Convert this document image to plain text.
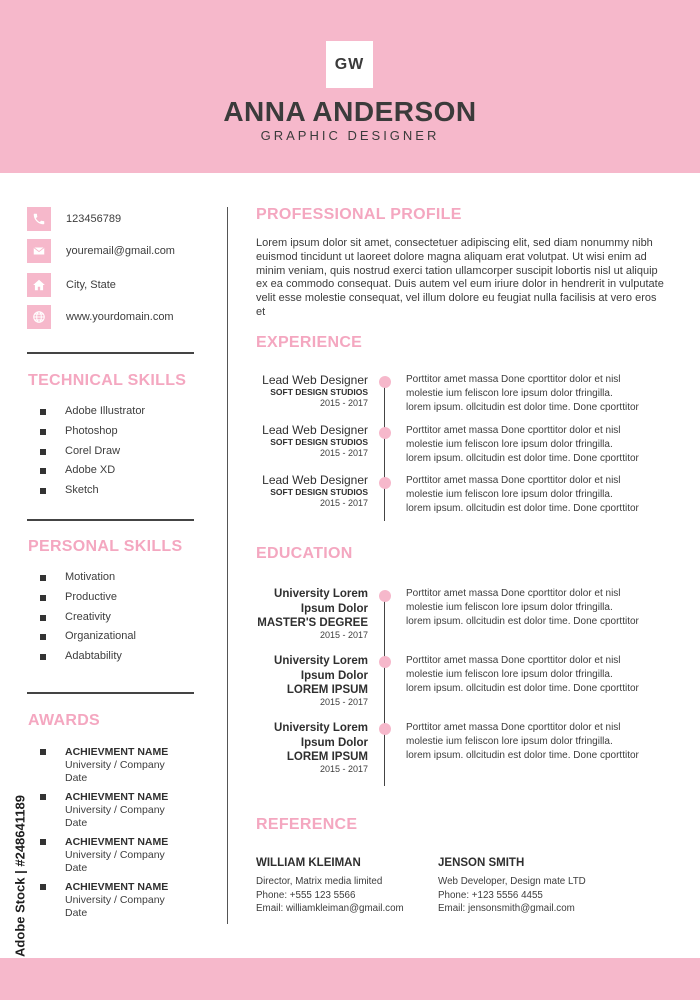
GW
ANNA ANDERSON
GRAPHIC DESIGNER
123456789
youremail@gmail.com
City, State
www.yourdomain.com
TECHNICAL SKILLS
Adobe Illustrator
Photoshop
Corel Draw
Adobe XD
Sketch
PERSONAL SKILLS
Motivation
Productive
Creativity
Organizational
Adabtability
AWARDS
ACHIEVMENT NAME
University / Company
Date
ACHIEVMENT NAME
University / Company
Date
ACHIEVMENT NAME
University / Company
Date
ACHIEVMENT NAME
University / Company
Date
PROFESSIONAL PROFILE
Lorem ipsum dolor sit amet, consectetuer adipiscing elit, sed diam nonummy nibh euismod tincidunt ut laoreet dolore magna aliquam erat volutpat. Ut wisi enim ad minim veniam, quis nostrud exerci tation ullamcorper suscipit lobortis nisl ut aliquip ex ea commodo consequat. Duis autem vel eum iriure dolor in hendrerit in vulputate velit esse molestie consequat, vel illum dolore eu feugiat nulla facilisis at vero eros et
EXPERIENCE
Lead Web Designer
SOFT DESIGN STUDIOS
2015 - 2017
Porttitor amet massa Done cporttitor dolor et nisl
molestie ium feliscon lore ipsum dolor tfringilla.
lorem ipsum. ollcitudin est dolor time. Done cporttitor
Lead Web Designer
SOFT DESIGN STUDIOS
2015 - 2017
Porttitor amet massa Done cporttitor dolor et nisl
molestie ium feliscon lore ipsum dolor tfringilla.
lorem ipsum. ollcitudin est dolor time. Done cporttitor
Lead Web Designer
SOFT DESIGN STUDIOS
2015 - 2017
Porttitor amet massa Done cporttitor dolor et nisl
molestie ium feliscon lore ipsum dolor tfringilla.
lorem ipsum. ollcitudin est dolor time. Done cporttitor
EDUCATION
University Lorem
Ipsum Dolor
MASTER'S DEGREE
2015 - 2017
Porttitor amet massa Done cporttitor dolor et nisl
molestie ium feliscon lore ipsum dolor tfringilla.
lorem ipsum. ollcitudin est dolor time. Done cporttitor
University Lorem
Ipsum Dolor
LOREM IPSUM
2015 - 2017
Porttitor amet massa Done cporttitor dolor et nisl
molestie ium feliscon lore ipsum dolor tfringilla.
lorem ipsum. ollcitudin est dolor time. Done cporttitor
University Lorem
Ipsum Dolor
LOREM IPSUM
2015 - 2017
Porttitor amet massa Done cporttitor dolor et nisl
molestie ium feliscon lore ipsum dolor tfringilla.
lorem ipsum. ollcitudin est dolor time. Done cporttitor
REFERENCE
WILLIAM KLEIMAN
Director, Matrix media limited
Phone: +555 123 5566
Email: williamkleiman@gmail.com
JENSON SMITH
Web Developer, Design mate LTD
Phone: +123 5556 4455
Email: jensonsmith@gmail.com
Adobe Stock | #248641189
